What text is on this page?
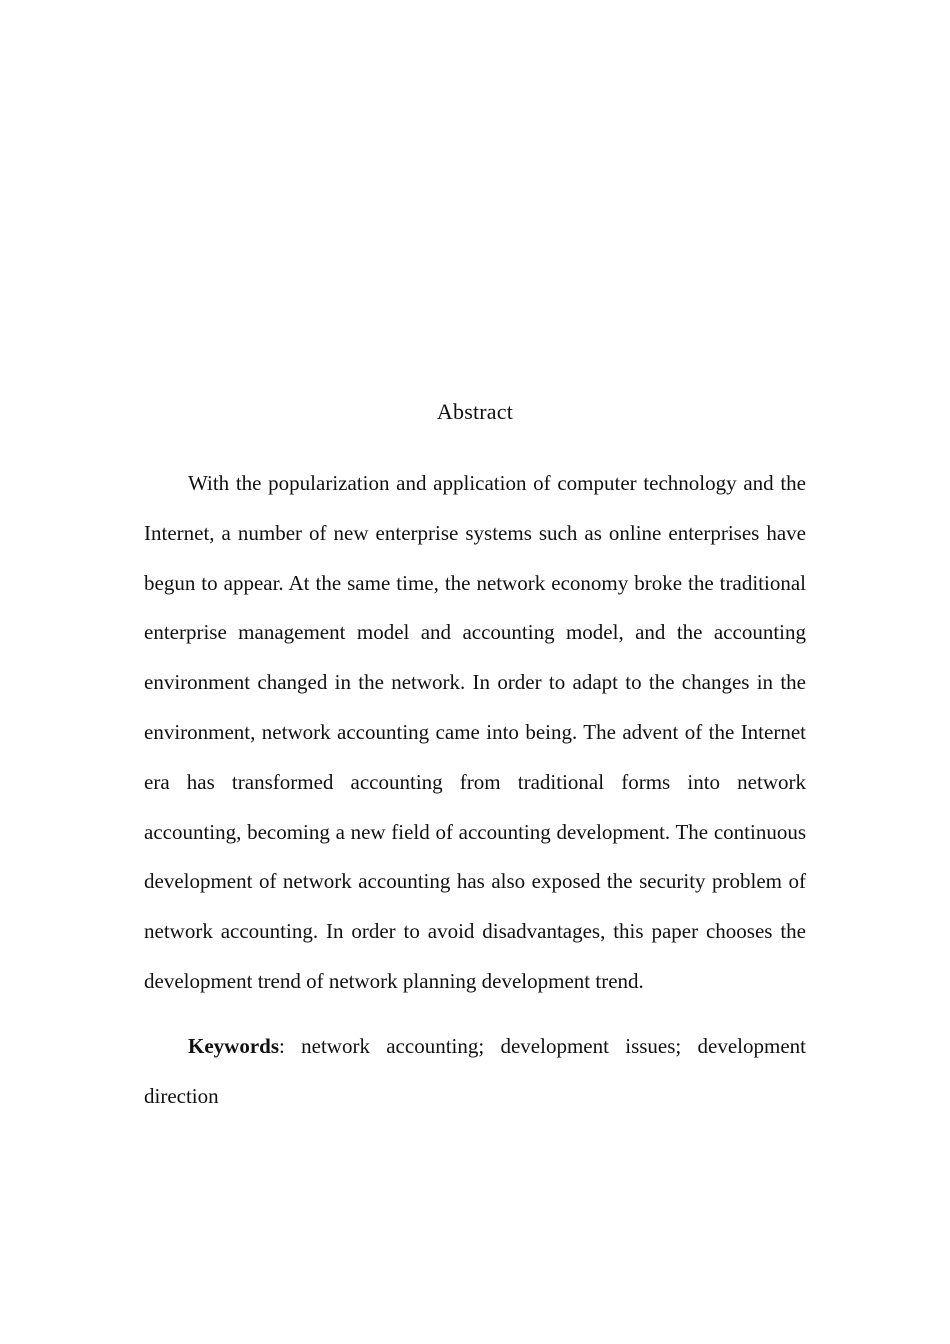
Abstract

With the popularization and application of computer technology and the Internet, a number of new enterprise systems such as online enterprises have begun to appear. At the same time, the network economy broke the traditional enterprise management model and accounting model, and the accounting environment changed in the network. In order to adapt to the changes in the environment, network accounting came into being. The advent of the Internet era has transformed accounting from traditional forms into network accounting, becoming a new field of accounting development. The continuous development of network accounting has also exposed the security problem of network accounting. In order to avoid disadvantages, this paper chooses the development trend of network planning development trend.

Keywords: network accounting; development issues; development direction
